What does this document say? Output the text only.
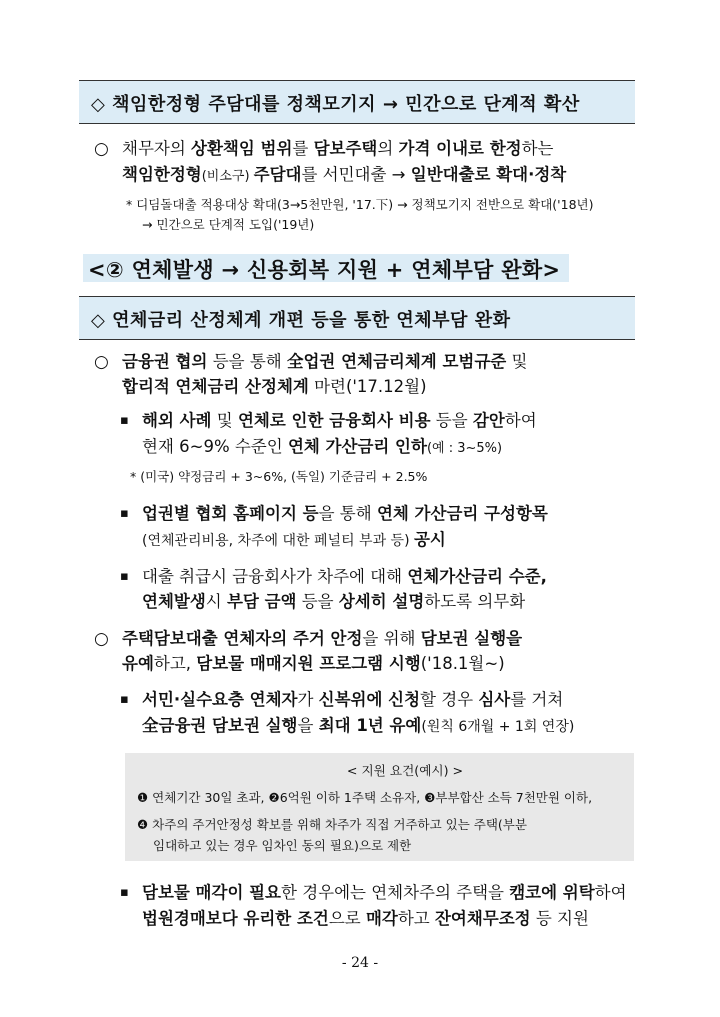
◇ 책임한정형 주담대를 정책모기지 → 민간으로 단계적 확산
○ 채무자의 상환책임 범위를 담보주택의 가격 이내로 한정하는
책임한정형(비소구) 주담대를 서민대출 → 일반대출로 확대·정착
* 디딤돌대출 적용대상 확대(3→5천만원, '17.下) → 정책모기지 전반으로 확대('18년)
→ 민간으로 단계적 도입('19년)
<② 연체발생 → 신용회복 지원 + 연체부담 완화>
◇ 연체금리 산정체계 개편 등을 통한 연체부담 완화
○ 금융권 협의 등을 통해 全업권 연체금리체계 모범규준 및
합리적 연체금리 산정체계 마련('17.12월)
▪ 해외 사례 및 연체로 인한 금융회사 비용 등을 감안하여
현재 6~9% 수준인 연체 가산금리 인하(예 : 3~5%)
* (미국) 약정금리 + 3~6%, (독일) 기준금리 + 2.5%
▪ 업권별 협회 홈페이지 등을 통해 연체 가산금리 구성항목
(연체관리비용, 차주에 대한 페널티 부과 등) 공시
▪ 대출 취급시 금융회사가 차주에 대해 연체가산금리 수준,
연체발생시 부담 금액 등을 상세히 설명하도록 의무화
○ 주택담보대출 연체자의 주거 안정을 위해 담보권 실행을
유예하고, 담보물 매매지원 프로그램 시행('18.1월~)
▪ 서민·실수요층 연체자가 신복위에 신청할 경우 심사를 거쳐
全금융권 담보권 실행을 최대 1년 유예(원칙 6개월 + 1회 연장)
< 지원 요건(예시) >
❶ 연체기간 30일 초과, ❷6억원 이하 1주택 소유자, ❸부부합산 소득 7천만원 이하,
❹ 차주의 주거안정성 확보를 위해 차주가 직접 거주하고 있는 주택(부분
임대하고 있는 경우 임차인 동의 필요)으로 제한
▪ 담보물 매각이 필요한 경우에는 연체차주의 주택을 캠코에 위탁하여
법원경매보다 유리한 조건으로 매각하고 잔여채무조정 등 지원
- 24 -
